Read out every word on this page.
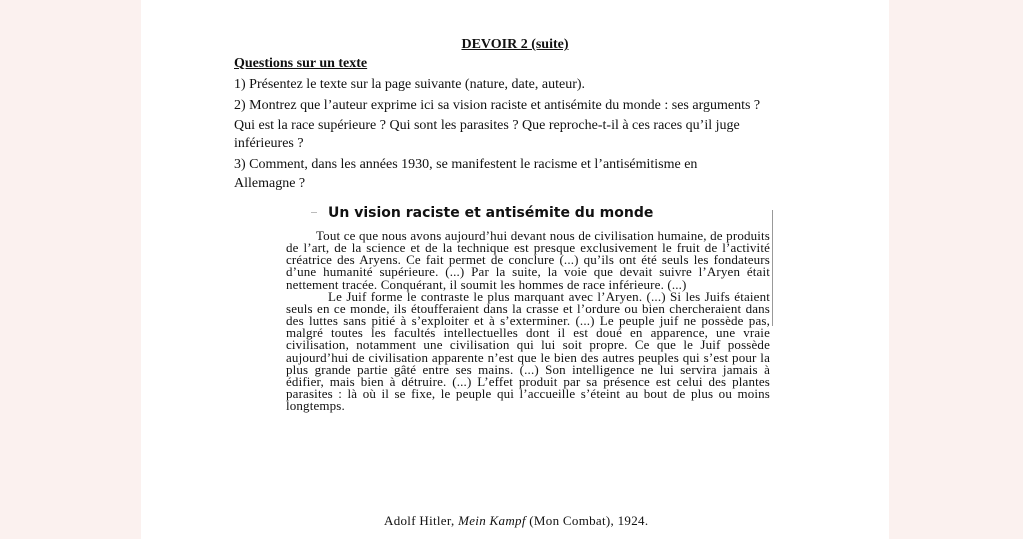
DEVOIR 2 (suite)
Questions sur un texte
1) Présentez le texte sur la page suivante (nature, date, auteur).
2) Montrez que l’auteur exprime ici sa vision raciste et antisémite du monde : ses arguments ?
Qui est la race supérieure ? Qui sont les parasites ? Que reproche-t-il à ces races qu’il juge
inférieures ?
3) Comment, dans les années 1930, se manifestent le racisme et l’antisémitisme en
Allemagne ?
Un vision raciste et antisémite du monde

Tout ce que nous avons aujourd’hui devant nous de civilisation humaine, de produits de l’art, de la science et de la technique est presque exclusivement le fruit de l’activité créatrice des Aryens. Ce fait permet de conclure (...) qu’ils ont été seuls les fondateurs d’une humanité supérieure. (...) Par la suite, la voie que devait suivre l’Aryen était nettement tracée. Conquérant, il soumit les hommes de race inférieure. (...)

Le Juif forme le contraste le plus marquant avec l’Aryen. (...) Si les Juifs étaient seuls en ce monde, ils étoufferaient dans la crasse et l’ordure ou bien chercheraient dans des luttes sans pitié à s’exploiter et à s’exterminer. (...) Le peuple juif ne possède pas, malgré toutes les facultés intellectuelles dont il est doué en apparence, une vraie civilisation, notamment une civilisation qui lui soit propre. Ce que le Juif possède aujourd’hui de civilisation apparente n’est que le bien des autres peuples qui s’est pour la plus grande partie gâté entre ses mains. (...) Son intelligence ne lui servira jamais à édifier, mais bien à détruire. (...) L’effet produit par sa présence est celui des plantes parasites : là où il se fixe, le peuple qui l’accueille s’éteint au bout de plus ou moins longtemps.

Adolf Hitler, Mein Kampf (Mon Combat), 1924.
